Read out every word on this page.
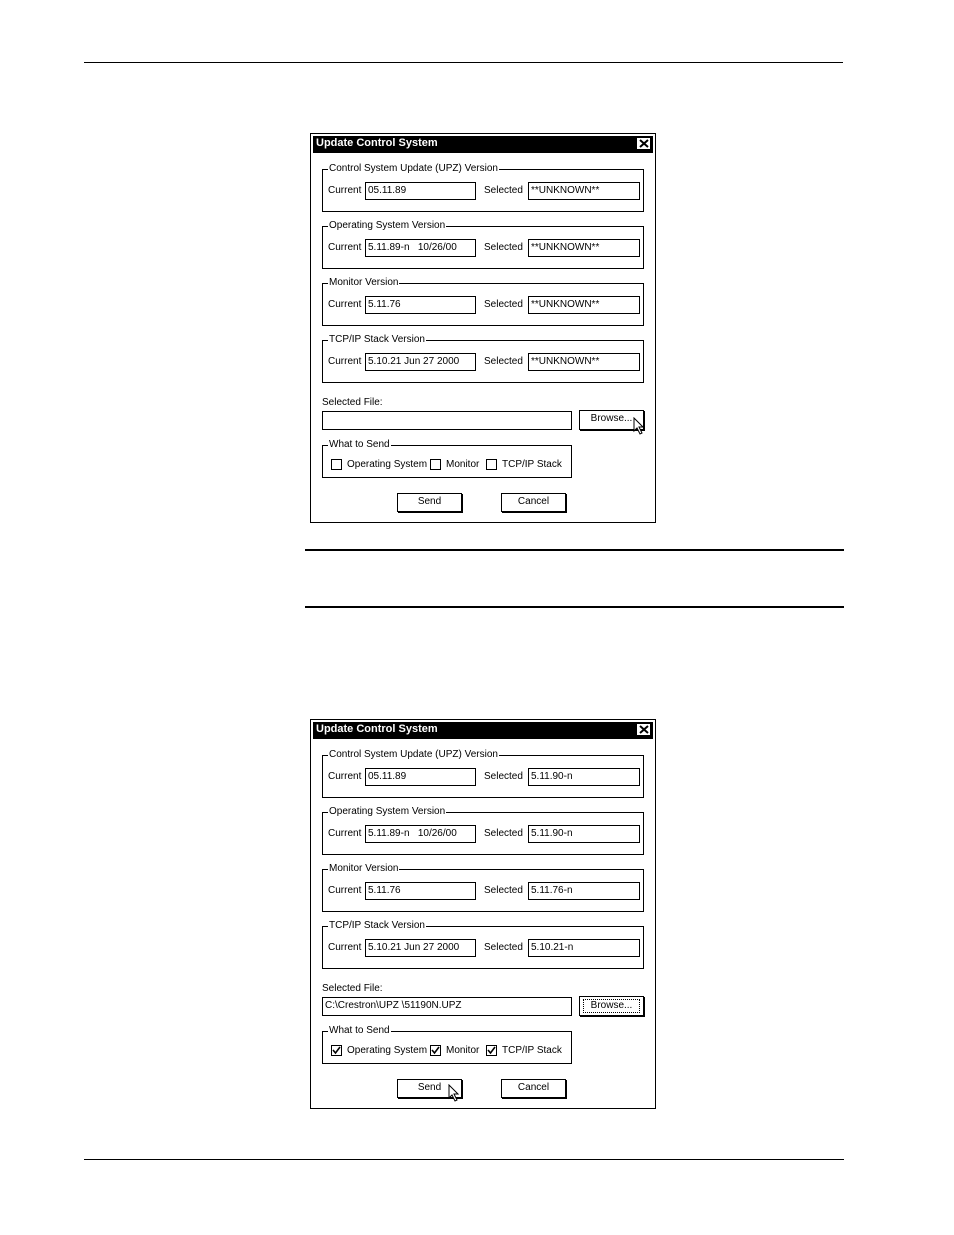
Update Control System
Control System Update (UPZ) Version
Current 05.11.89	Selected **UNKNOWN**
Operating System Version
Current 5.11.89-n   10/26/00	Selected **UNKNOWN**
Monitor Version
Current 5.11.76	Selected **UNKNOWN**
TCP/IP Stack Version
Current 5.10.21 Jun 27 2000	Selected **UNKNOWN**
Selected File:
Browse...
What to Send
Operating System Monitor TCP/IP Stack
Send	Cancel
Update Control System
Control System Update (UPZ) Version
Current 05.11.89	Selected 5.11.90-n
Operating System Version
Current 5.11.89-n   10/26/00	Selected 5.11.90-n
Monitor Version
Current 5.11.76	Selected 5.11.76-n
TCP/IP Stack Version
Current 5.10.21 Jun 27 2000	Selected 5.10.21-n
Selected File:
C:\Crestron\UPZ \51190N.UPZ	Browse...
What to Send
Operating System Monitor TCP/IP Stack
Send	Cancel
